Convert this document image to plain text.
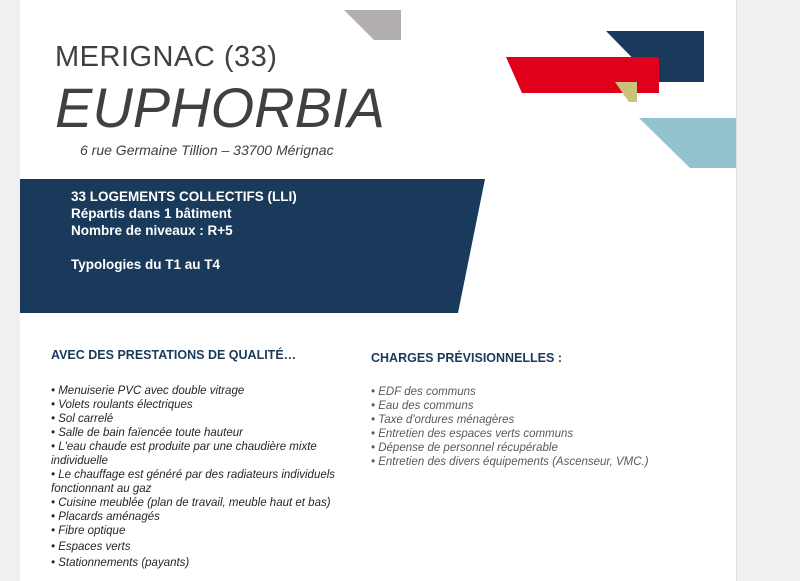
MERIGNAC (33)
EUPHORBIA
6 rue Germaine Tillion – 33700 Mérignac
33 LOGEMENTS COLLECTIFS (LLI)
Répartis dans 1 bâtiment
Nombre de niveaux : R+5
Typologies du T1 au T4
AVEC DES PRESTATIONS DE QUALITÉ…
• Menuiserie PVC avec double vitrage
• Volets roulants électriques
• Sol carrelé
• Salle de bain faïencée toute hauteur
• L'eau chaude est produite par une chaudière mixte individuelle
• Le chauffage est généré par des radiateurs individuels fonctionnant au gaz
• Cuisine meublée (plan de travail, meuble haut et bas)
• Placards aménagés
• Fibre optique
• Espaces verts
• Stationnements (payants)
CHARGES PRÉVISIONNELLES :
• EDF des communs
• Eau des communs
• Taxe d'ordures ménagères
• Entretien des espaces verts communs
• Dépense de personnel récupérable
• Entretien des divers équipements (Ascenseur, VMC.)
